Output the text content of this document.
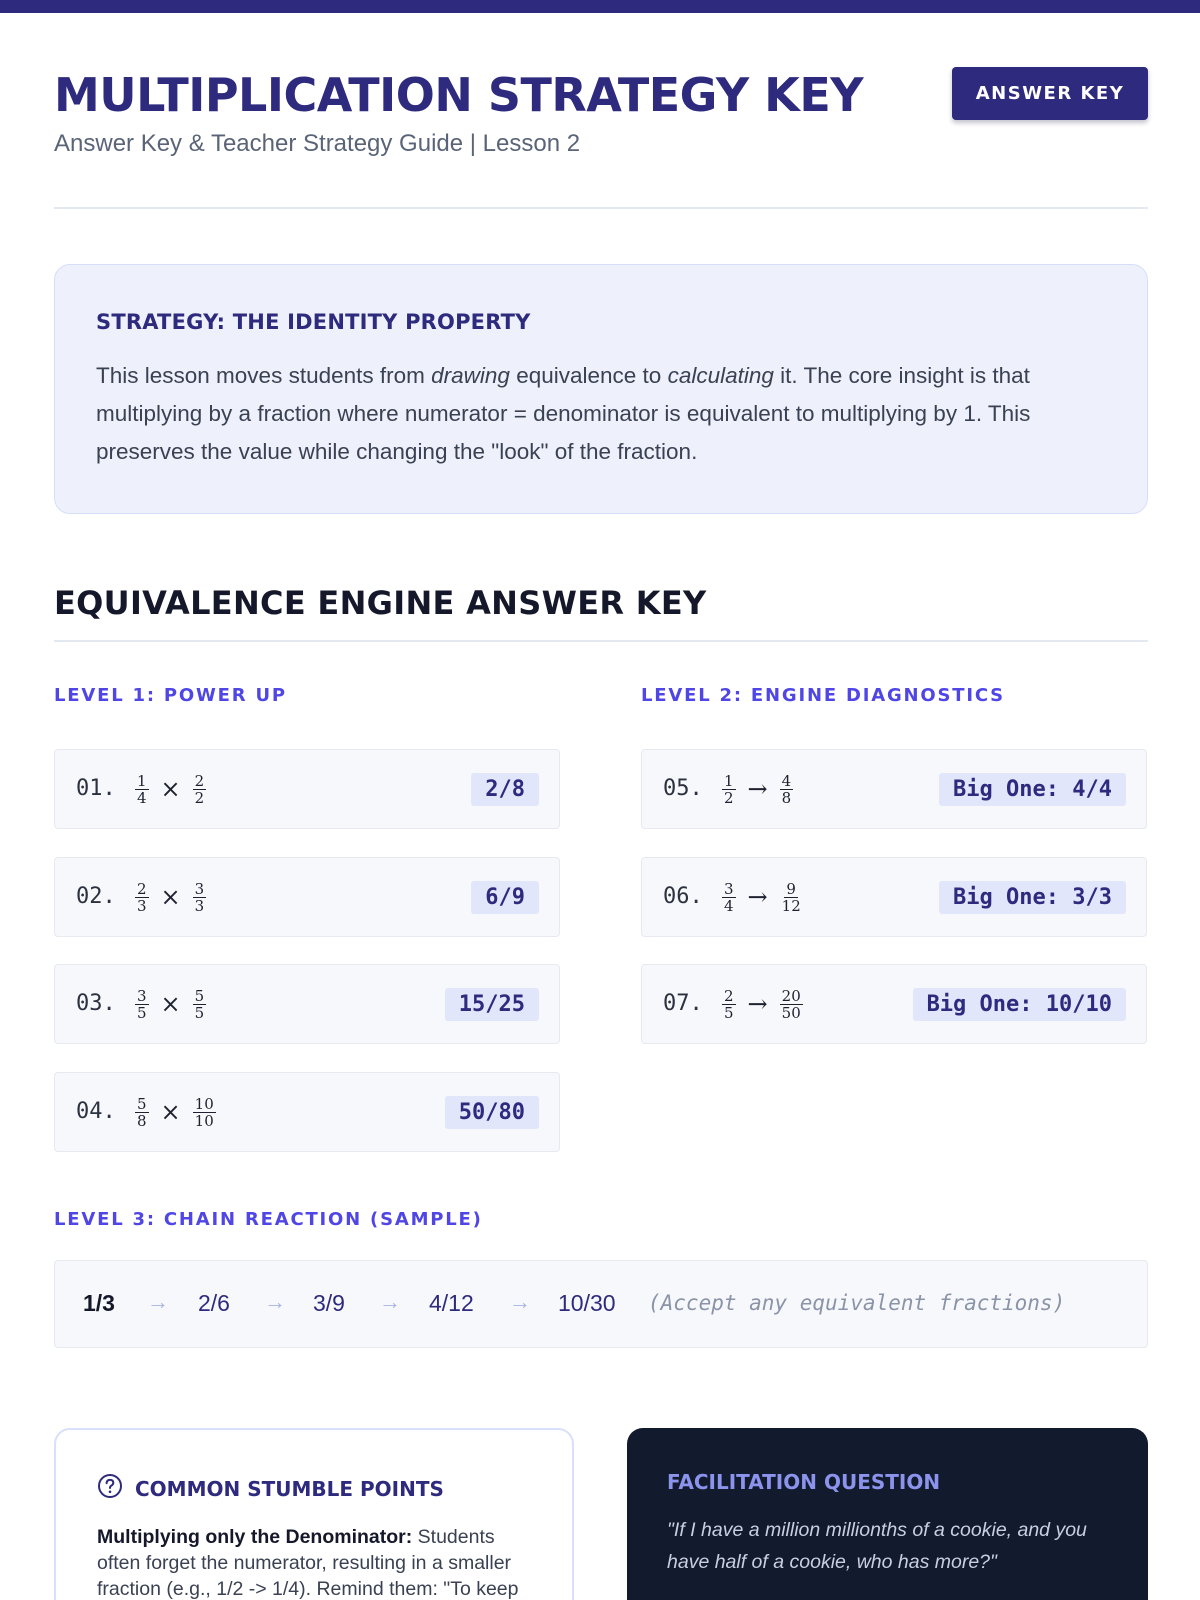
MULTIPLICATION STRATEGY KEY
Answer Key & Teacher Strategy Guide | Lesson 2
ANSWER KEY
STRATEGY: THE IDENTITY PROPERTY

This lesson moves students from drawing equivalence to calculating it. The core insight is that multiplying by a fraction where numerator = denominator is equivalent to multiplying by 1. This preserves the value while changing the "look" of the fraction.

EQUIVALENCE ENGINE ANSWER KEY
LEVEL 1: POWER UP	LEVEL 2: ENGINE DIAGNOSTICS
01. $\frac{1}{4} \times \frac{2}{2}$	2/8
02. $\frac{2}{3} \times \frac{3}{3}$	6/9
03. $\frac{3}{5} \times \frac{5}{5}$	15/25
04. $\frac{5}{8} \times \frac{10}{10}$	50/80
05. $\frac{1}{2} \to \frac{4}{8}$	Big One: 4/4
06. $\frac{3}{4} \to \frac{9}{12}$	Big One: 3/3
07. $\frac{2}{5} \to \frac{20}{50}$	Big One: 10/10
LEVEL 3: CHAIN REACTION (SAMPLE)
1/3 → 2/6 → 3/9 → 4/12 → 10/30 (Accept any equivalent fractions)
COMMON STUMBLE POINTS

Multiplying only the Denominator: Students often forget the numerator, resulting in a smaller fraction (e.g., 1/2 -> 1/4). Remind them: "To keep

FACILITATION QUESTION

"If I have a million millionths of a cookie, and you have half of a cookie, who has more?"
